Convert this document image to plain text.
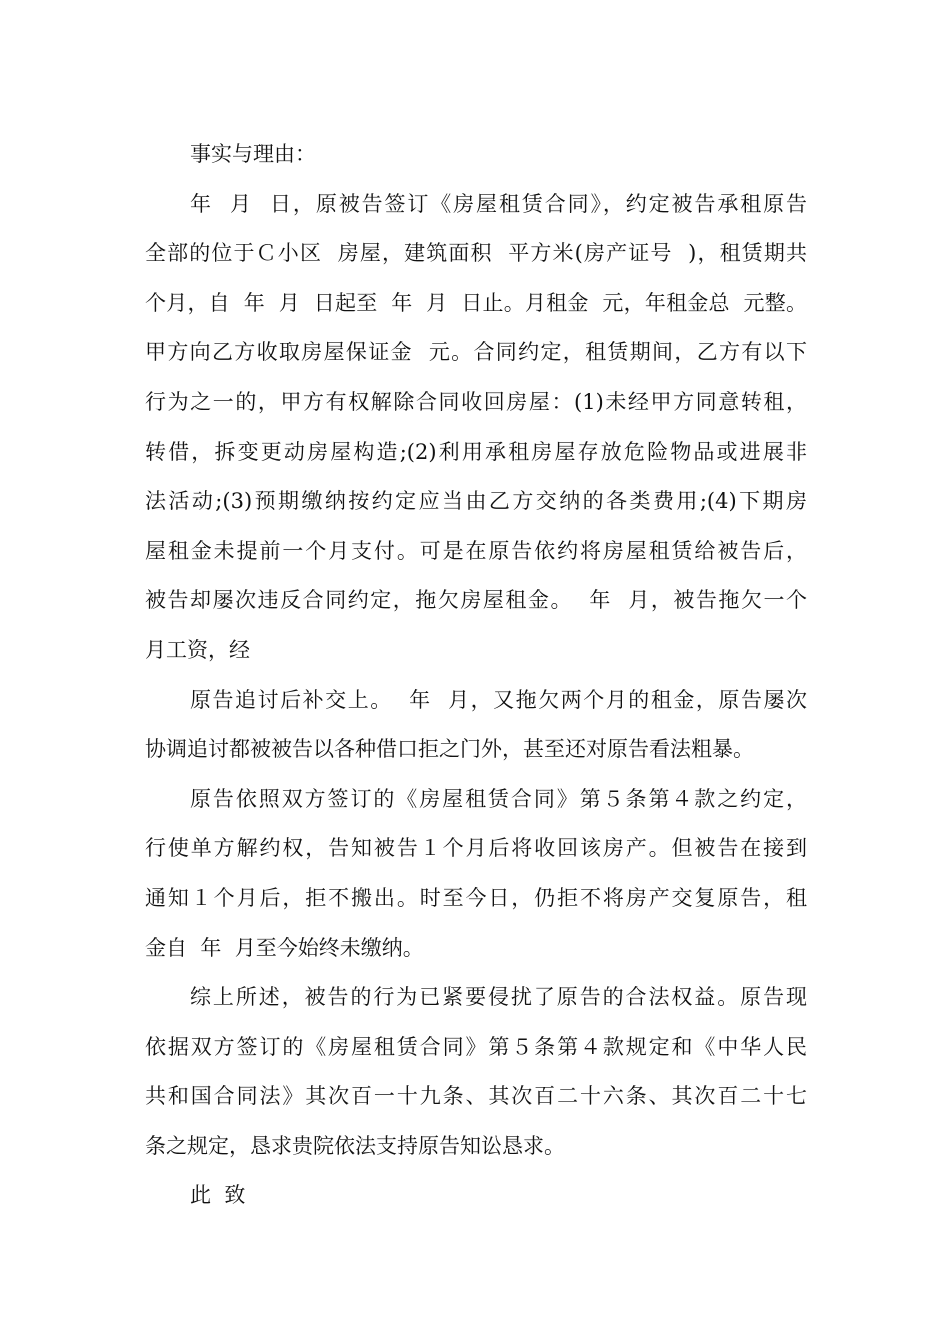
事实与理由：
年  月  日，原被告签订《房屋租赁合同》，约定被告承租原告
全部的位于Ｃ小区  房屋，建筑面积  平方米(房产证号  )，租赁期共
个月，自  年  月  日起至  年  月  日止。月租金  元，年租金总  元整。
甲方向乙方收取房屋保证金  元。合同约定，租赁期间，乙方有以下
行为之一的，甲方有权解除合同收回房屋：(1)未经甲方同意转租，
转借，拆变更动房屋构造;(2)利用承租房屋存放危险物品或进展非
法活动;(3)预期缴纳按约定应当由乙方交纳的各类费用;(4)下期房
屋租金未提前一个月支付。可是在原告依约将房屋租赁给被告后，
被告却屡次违反合同约定，拖欠房屋租金。  年  月，被告拖欠一个
月工资，经
原告追讨后补交上。  年  月，又拖欠两个月的租金，原告屡次
协调追讨都被被告以各种借口拒之门外，甚至还对原告看法粗暴。
原告依照双方签订的《房屋租赁合同》第５条第４款之约定，
行使单方解约权，告知被告１个月后将收回该房产。但被告在接到
通知１个月后，拒不搬出。时至今日，仍拒不将房产交复原告，租
金自  年  月至今始终未缴纳。
综上所述，被告的行为已紧要侵扰了原告的合法权益。原告现
依据双方签订的《房屋租赁合同》第５条第４款规定和《中华人民
共和国合同法》其次百一十九条、其次百二十六条、其次百二十七
条之规定，恳求贵院依法支持原告知讼恳求。
此  致
